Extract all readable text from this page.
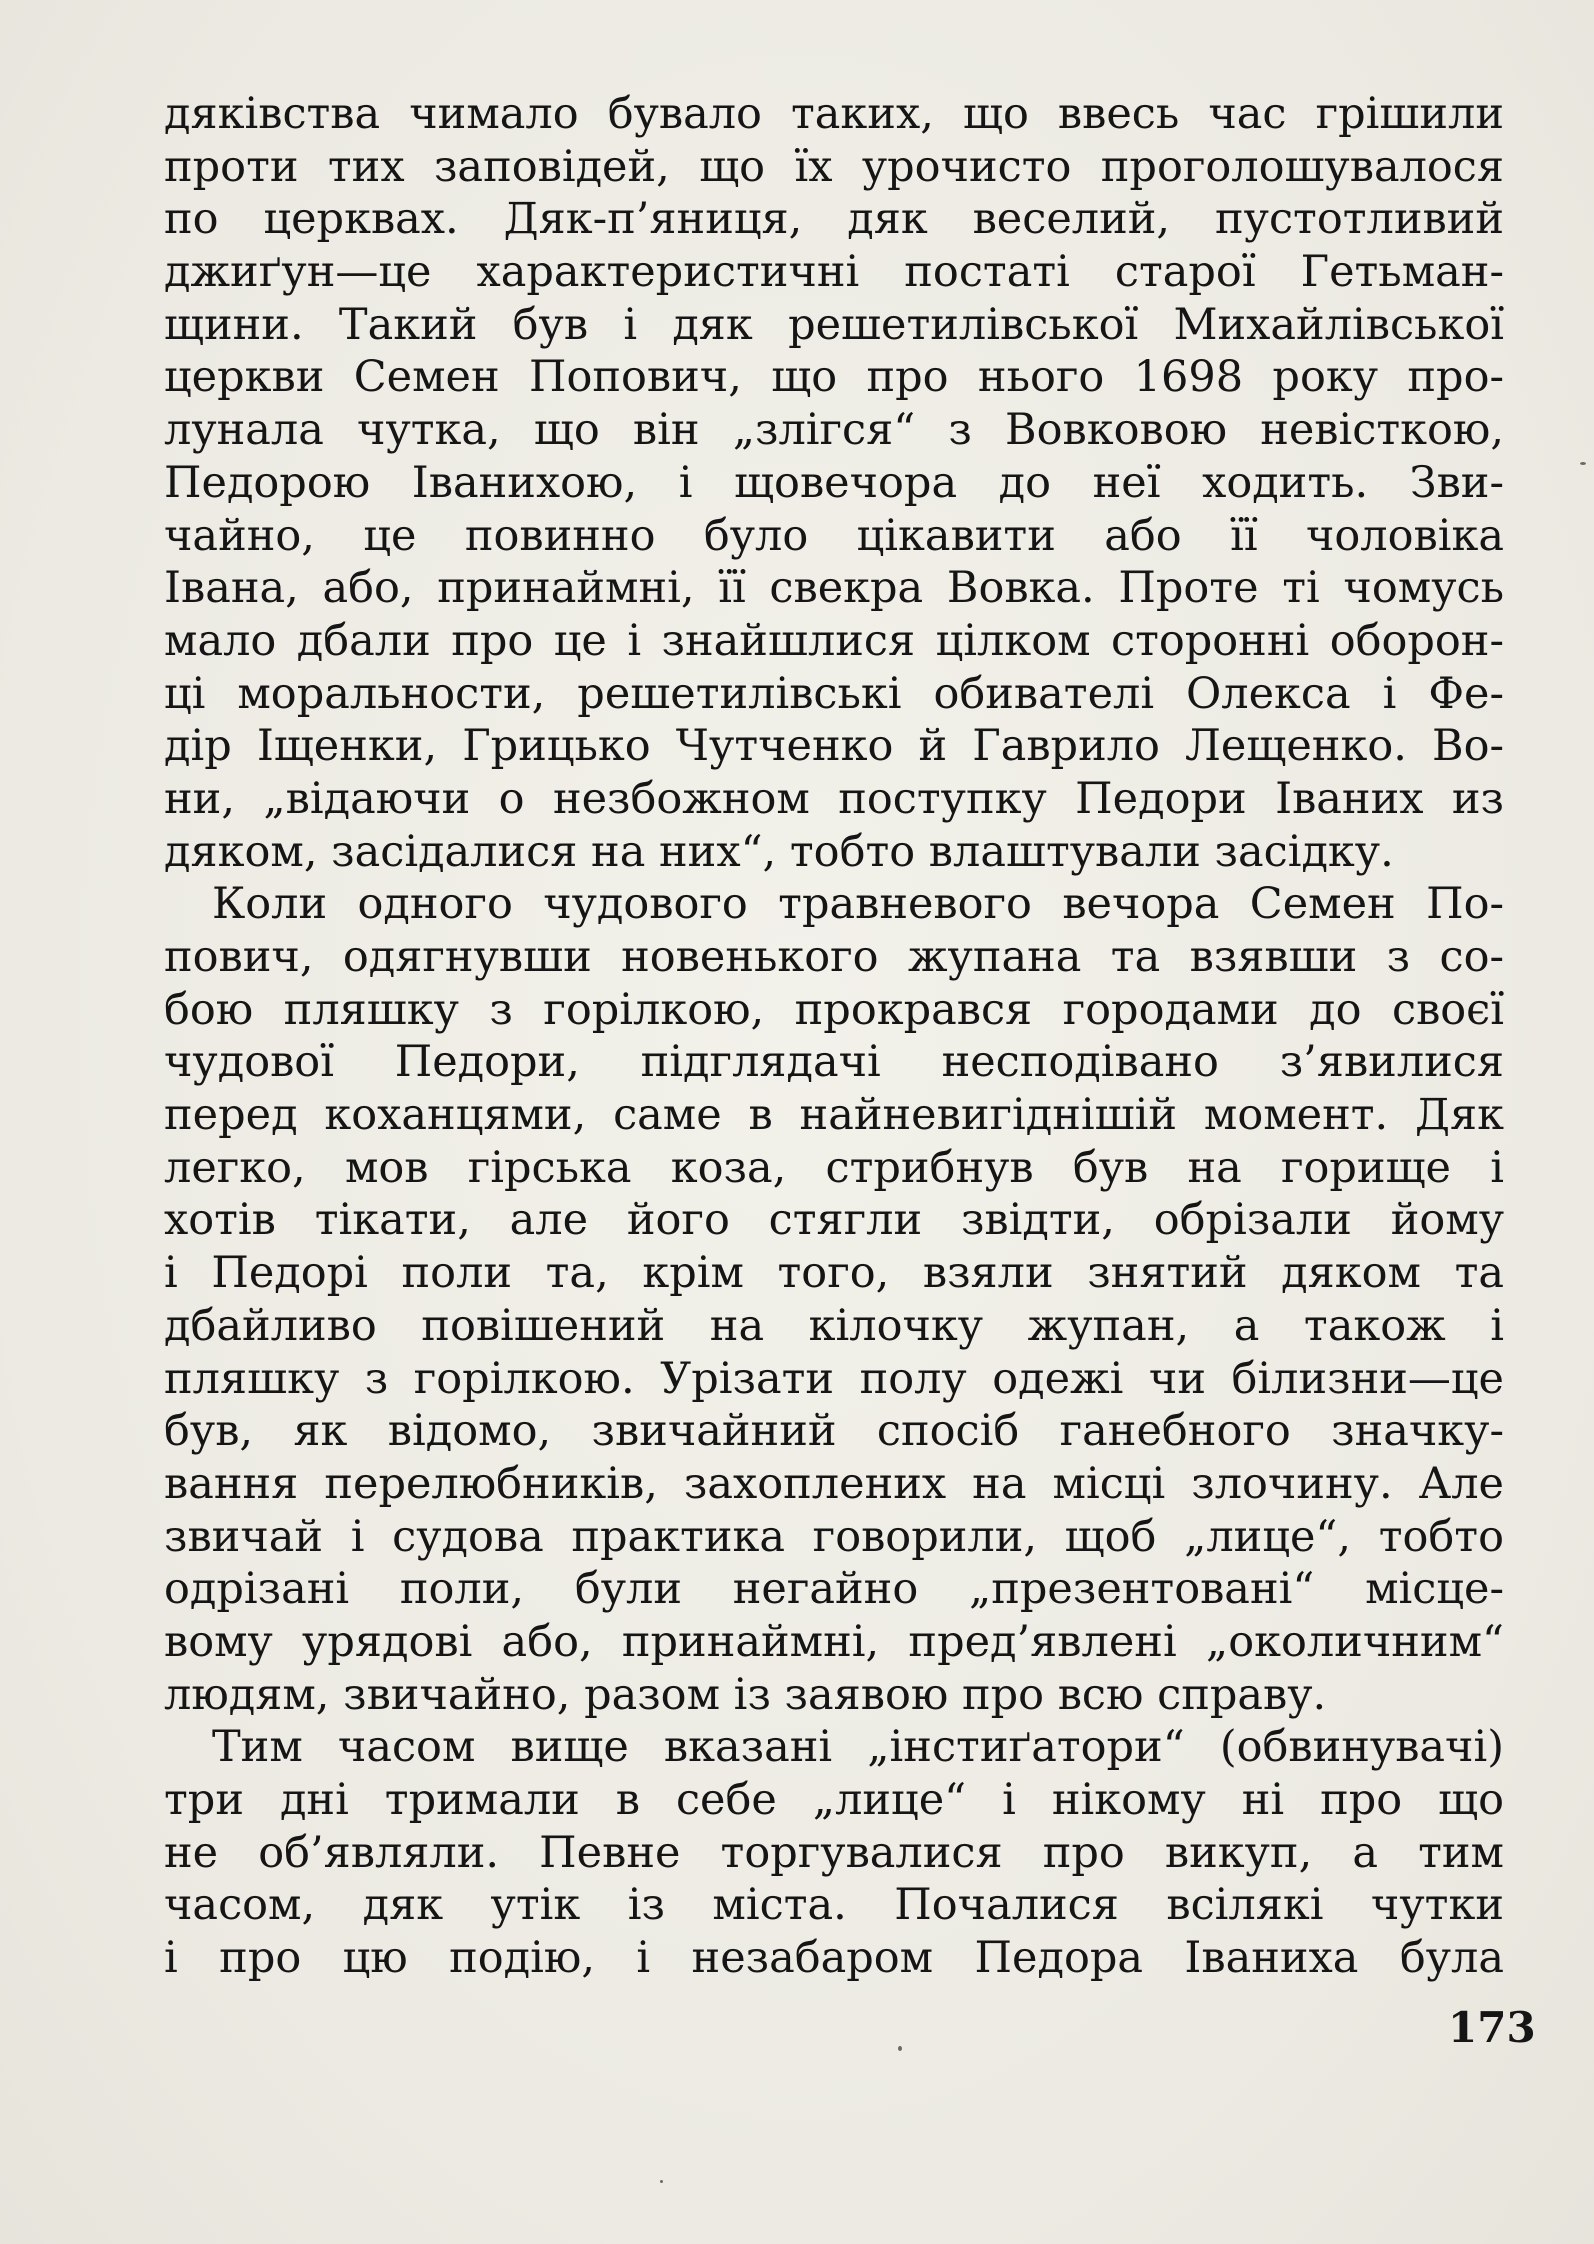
дяківства чимало бувало таких, що ввесь час грішили
проти тих заповідей, що їх урочисто проголошувалося
по церквах. Дяк-п’яниця, дяк веселий, пустотливий
джиґун—це характеристичні постаті старої Гетьман-
щини. Такий був і дяк решетилівської Михайлівської
церкви Семен Попович, що про нього 1698 року про-
лунала чутка, що він „злігся“ з Вовковою невісткою,
Педорою Іванихою, і щовечора до неї ходить. Зви-
чайно, це повинно було цікавити або її чоловіка
Івана, або, принаймні, її свекра Вовка. Проте ті чомусь
мало дбали про це і знайшлися цілком сторонні оборон-
ці моральности, решетилівські обивателі Олекса і Фе-
дір Іщенки, Грицько Чутченко й Гаврило Лещенко. Во-
ни, „відаючи о незбожном поступку Педори Іваних из
дяком, засідалися на них“, тобто влаштували засідку.
Коли одного чудового травневого вечора Семен По-
пович, одягнувши новенького жупана та взявши з со-
бою пляшку з горілкою, прокрався городами до своєї
чудової Педори, підглядачі несподівано з’явилися
перед коханцями, саме в найневигіднішій момент. Дяк
легко, мов гірська коза, стрибнув був на горище і
хотів тікати, але його стягли звідти, обрізали йому
і Педорі поли та, крім того, взяли знятий дяком та
дбайливо повішений на кілочку жупан, а також і
пляшку з горілкою. Урізати полу одежі чи білизни—це
був, як відомо, звичайний спосіб ганебного значку-
вання перелюбників, захоплених на місці злочину. Але
звичай і судова практика говорили, щоб „лице“, тобто
одрізані поли, були негайно „презентовані“ місце-
вому урядові або, принаймні, пред’явлені „околичним“
людям, звичайно, разом із заявою про всю справу.
Тим часом вище вказані „інстиґатори“ (обвинувачі)
три дні тримали в себе „лице“ і нікому ні про що
не об’являли. Певне торгувалися про викуп, а тим
часом, дяк утік із міста. Почалися всілякі чутки
і про цю подію, і незабаром Педора Іваниха була
173
